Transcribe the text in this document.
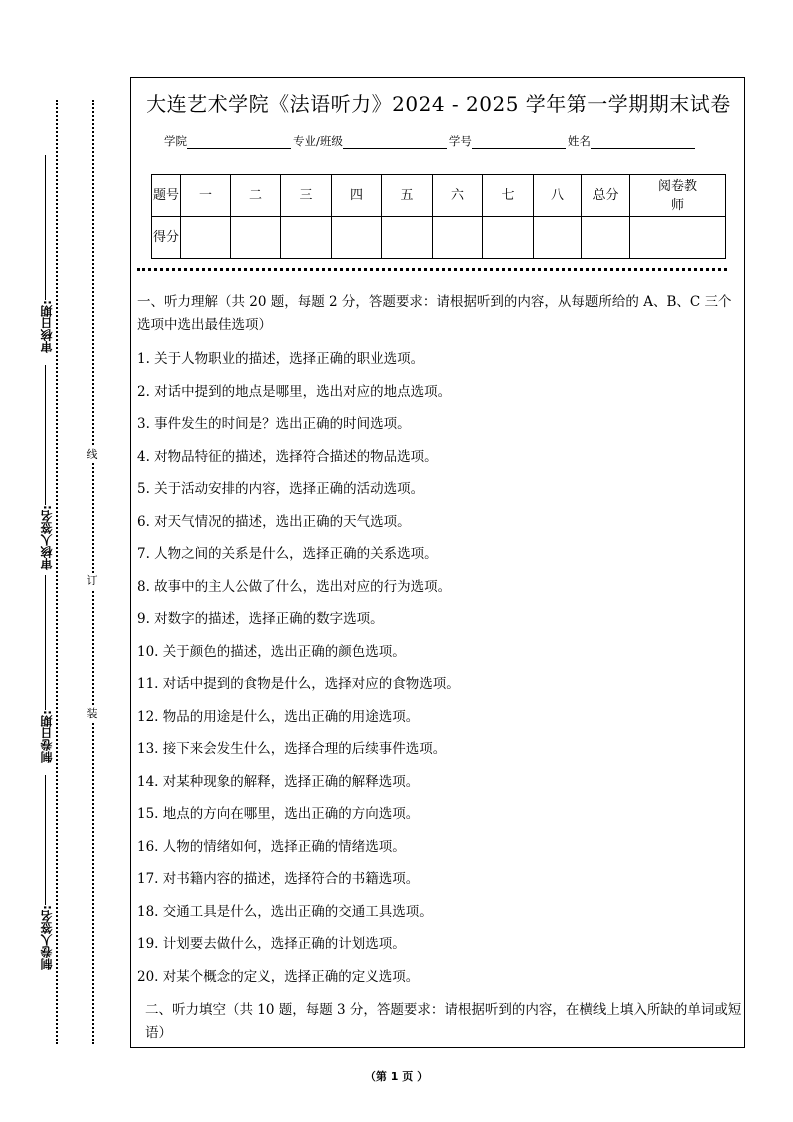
审核日期:
审核人签名:
制卷日期:
制卷人签名:
线
订
装
大连艺术学院《法语听力》2024 - 2025 学年第一学期期末试卷
学院	专业/班级	学号	姓名
题号	一	二	三	四	五	六	七	八	总分	阅卷教师
得分										
一、听力理解（共 20 题，每题 2 分，答题要求：请根据听到的内容，从每题所给的 A、B、C 三个选项中选出最佳选项）
1. 关于人物职业的描述，选择正确的职业选项。
2. 对话中提到的地点是哪里，选出对应的地点选项。
3. 事件发生的时间是？选出正确的时间选项。
4. 对物品特征的描述，选择符合描述的物品选项。
5. 关于活动安排的内容，选择正确的活动选项。
6. 对天气情况的描述，选出正确的天气选项。
7. 人物之间的关系是什么，选择正确的关系选项。
8. 故事中的主人公做了什么，选出对应的行为选项。
9. 对数字的描述，选择正确的数字选项。
10. 关于颜色的描述，选出正确的颜色选项。
11. 对话中提到的食物是什么，选择对应的食物选项。
12. 物品的用途是什么，选出正确的用途选项。
13. 接下来会发生什么，选择合理的后续事件选项。
14. 对某种现象的解释，选择正确的解释选项。
15. 地点的方向在哪里，选出正确的方向选项。
16. 人物的情绪如何，选择正确的情绪选项。
17. 对书籍内容的描述，选择符合的书籍选项。
18. 交通工具是什么，选出正确的交通工具选项。
19. 计划要去做什么，选择正确的计划选项。
20. 对某个概念的定义，选择正确的定义选项。
二、听力填空（共 10 题，每题 3 分，答题要求：请根据听到的内容，在横线上填入所缺的单词或短语）
（第 1 页 ）
